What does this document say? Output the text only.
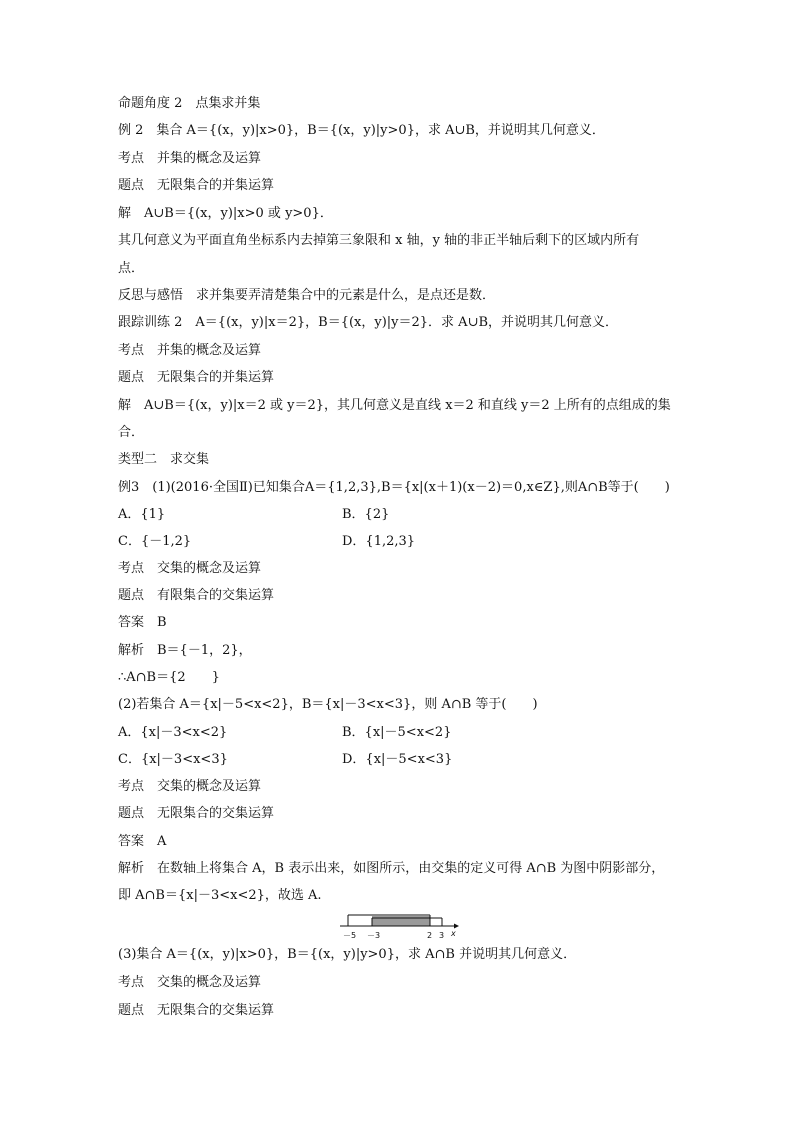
命题角度 2　点集求并集
例 2　集合 A＝{(x，y)|x>0}，B＝{(x，y)|y>0}，求 A∪B，并说明其几何意义．
考点　并集的概念及运算
题点　无限集合的并集运算
解　A∪B＝{(x，y)|x>0 或 y>0}．
其几何意义为平面直角坐标系内去掉第三象限和 x 轴，y 轴的非正半轴后剩下的区域内所有
点．
反思与感悟　求并集要弄清楚集合中的元素是什么，是点还是数．
跟踪训练 2　A＝{(x，y)|x＝2}，B＝{(x，y)|y＝2}．求 A∪B，并说明其几何意义．
考点　并集的概念及运算
题点　无限集合的并集运算
解　A∪B＝{(x，y)|x＝2 或 y＝2}，其几何意义是直线 x＝2 和直线 y＝2 上所有的点组成的集
合．
类型二　求交集
例3　(1)(2016·全国Ⅱ)已知集合A＝{1,2,3},B＝{x|(x＋1)(x－2)＝0,x∈Z},则A∩B等于(　　)
A．{1}	B．{2}
C．{－1,2}	D．{1,2,3}
考点　交集的概念及运算
题点　有限集合的交集运算
答案　B
解析　B＝{－1，2}，
∴A∩B＝{2　　}
(2)若集合 A＝{x|－5<x<2}，B＝{x|－3<x<3}，则 A∩B 等于(　　)
A．{x|－3<x<2}	B．{x|－5<x<2}
C．{x|－3<x<3}	D．{x|－5<x<3}
考点　交集的概念及运算
题点　无限集合的交集运算
答案　A
解析　在数轴上将集合 A，B 表示出来，如图所示，由交集的定义可得 A∩B 为图中阴影部分，
即 A∩B＝{x|－3<x<2}，故选 A.
－5 －3	2 3 x
(3)集合 A＝{(x，y)|x>0}，B＝{(x，y)|y>0}，求 A∩B 并说明其几何意义．
考点　交集的概念及运算
题点　无限集合的交集运算
